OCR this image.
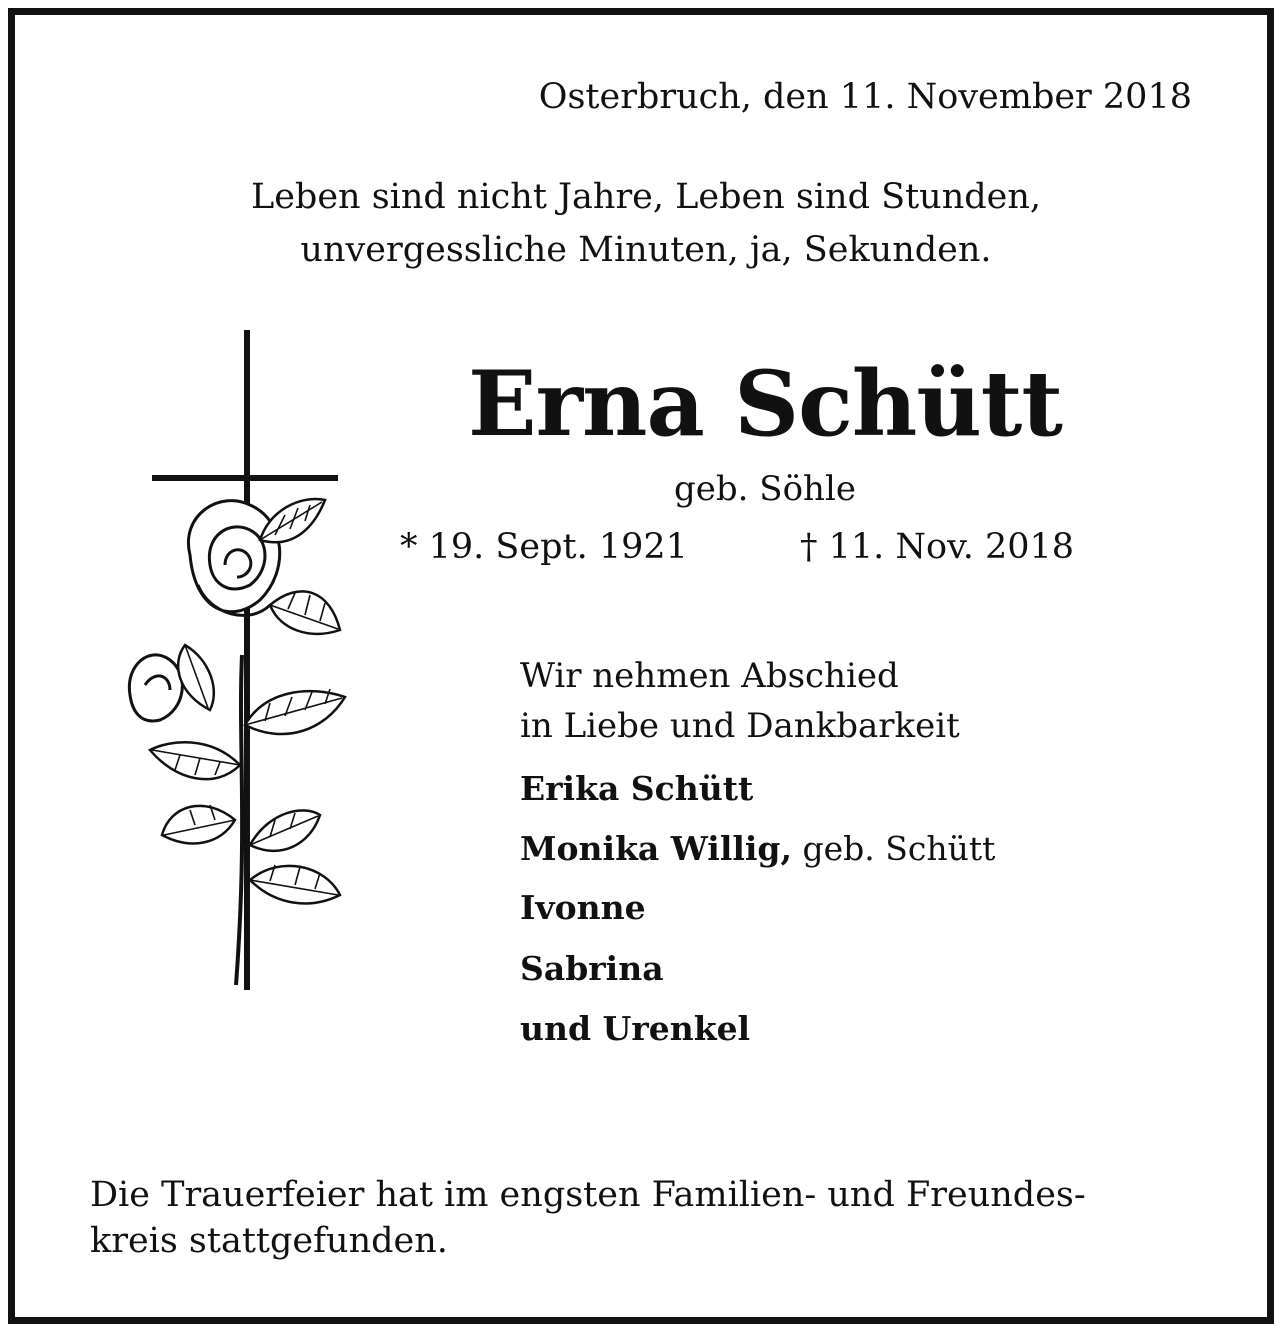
Osterbruch, den 11. November 2018
Leben sind nicht Jahre, Leben sind Stunden,
unvergessliche Minuten, ja, Sekunden.
Erna Schütt
geb. Söhle
* 19. Sept. 1921	† 11. Nov. 2018
Wir nehmen Abschied
in Liebe und Dankbarkeit
Erika Schütt
Monika Willig, geb. Schütt
Ivonne
Sabrina
und Urenkel
Die Trauerfeier hat im engsten Familien- und Freundes-
kreis stattgefunden.
